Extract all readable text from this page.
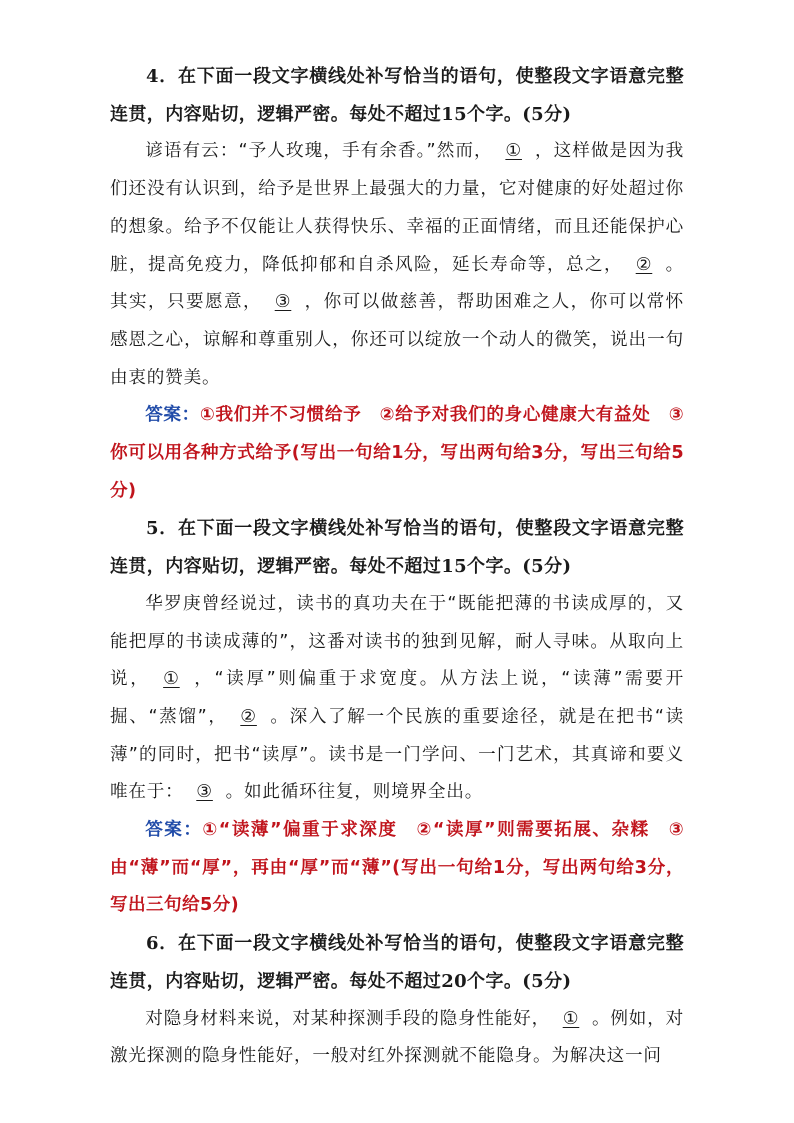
4．在下面一段文字横线处补写恰当的语句，使整段文字语意完整连贯，内容贴切，逻辑严密。每处不超过15个字。(5分)

谚语有云：“予人玫瑰，手有余香。”然而， ① ，这样做是因为我们还没有认识到，给予是世界上最强大的力量，它对健康的好处超过你的想象。给予不仅能让人获得快乐、幸福的正面情绪，而且还能保护心脏，提高免疫力，降低抑郁和自杀风险，延长寿命等，总之， ② 。其实，只要愿意， ③ ，你可以做慈善，帮助困难之人，你可以常怀感恩之心，谅解和尊重别人，你还可以绽放一个动人的微笑，说出一句由衷的赞美。

答案：①我们并不习惯给予　②给予对我们的身心健康大有益处　③你可以用各种方式给予(写出一句给1分，写出两句给3分，写出三句给5分)

5．在下面一段文字横线处补写恰当的语句，使整段文字语意完整连贯，内容贴切，逻辑严密。每处不超过15个字。(5分)

华罗庚曾经说过，读书的真功夫在于“既能把薄的书读成厚的，又能把厚的书读成薄的”，这番对读书的独到见解，耐人寻味。从取向上说， ① ，“读厚”则偏重于求宽度。从方法上说，“读薄”需要开掘、“蒸馏”， ② 。深入了解一个民族的重要途径，就是在把书“读薄”的同时，把书“读厚”。读书是一门学问、一门艺术，其真谛和要义唯在于： ③ 。如此循环往复，则境界全出。

答案：①“读薄”偏重于求深度　②“读厚”则需要拓展、杂糅　③由“薄”而“厚”，再由“厚”而“薄”(写出一句给1分，写出两句给3分，写出三句给5分)

6．在下面一段文字横线处补写恰当的语句，使整段文字语意完整连贯，内容贴切，逻辑严密。每处不超过20个字。(5分)

对隐身材料来说，对某种探测手段的隐身性能好， ① 。例如，对激光探测的隐身性能好，一般对红外探测就不能隐身。为解决这一问
